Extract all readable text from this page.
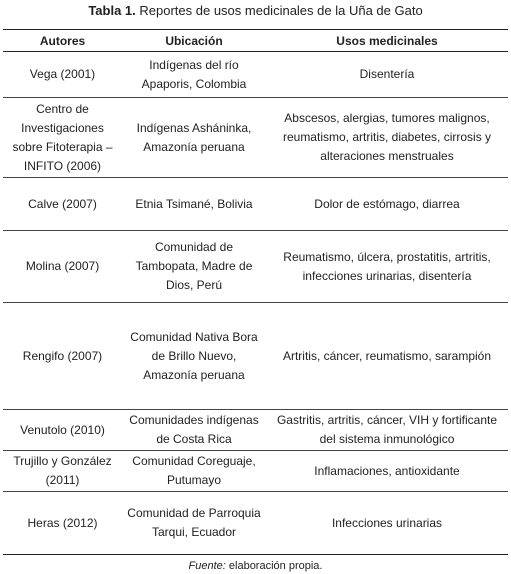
Tabla 1. Reportes de usos medicinales de la Uña de Gato
Autores	Ubicación	Usos medicinales
Vega (2001)	Indígenas del río Apaporis, Colombia	Disentería
Centro de Investigaciones sobre Fitoterapia – INFITO (2006)	Indígenas Asháninka, Amazonía peruana	Abscesos, alergias, tumores malignos, reumatismo, artritis, diabetes, cirrosis y alteraciones menstruales
Calve (2007)	Etnia Tsimané, Bolivia	Dolor de estómago, diarrea
Molina (2007)	Comunidad de Tambopata, Madre de Dios, Perú	Reumatismo, úlcera, prostatitis, artritis, infecciones urinarias, disentería
Rengifo (2007)	Comunidad Nativa Bora de Brillo Nuevo, Amazonía peruana	Artritis, cáncer, reumatismo, sarampión
Venutolo (2010)	Comunidades indígenas de Costa Rica	Gastritis, artritis, cáncer, VIH y fortificante del sistema inmunológico
Trujillo y González (2011)	Comunidad Coreguaje, Putumayo	Inflamaciones, antioxidante
Heras (2012)	Comunidad de Parroquia Tarqui, Ecuador	Infecciones urinarias
Fuente: elaboración propia.
